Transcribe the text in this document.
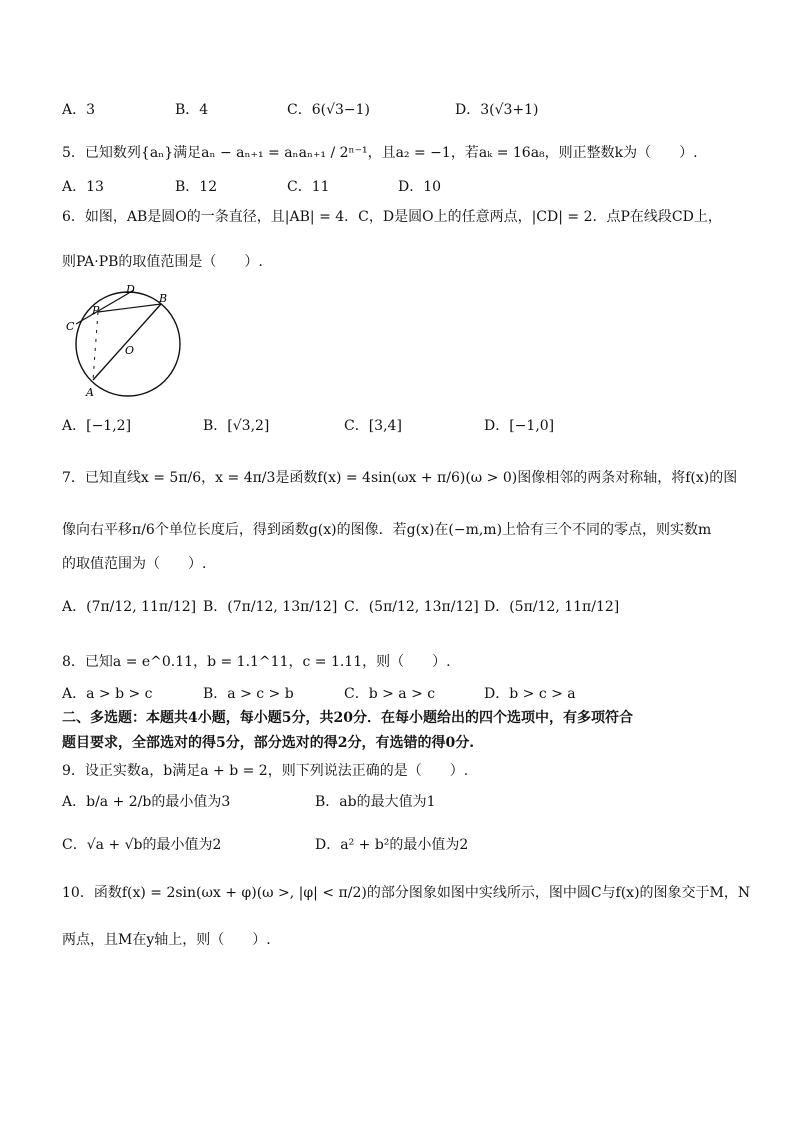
A．3	B．4	C．6(√3−1)	D．3(√3+1)
5．已知数列{aₙ}满足aₙ − aₙ₊₁ = aₙaₙ₊₁ / 2ⁿ⁻¹，且a₂ = −1，若aₖ = 16a₈，则正整数k为（　　）.
A．13	B．12	C．11	D．10
6．如图，AB是圆O的一条直径，且|AB| = 4．C，D是圆O上的任意两点，|CD| = 2．点P在线段CD上，
则PA·PB的取值范围是（　　）.
D
B
C
P
O
A
A．[−1,2]	B．[√3,2]	C．[3,4]	D．[−1,0]
7．已知直线x = 5π/6，x = 4π/3是函数f(x) = 4sin(ωx + π/6)(ω > 0)图像相邻的两条对称轴，将f(x)的图
像向右平移π/6个单位长度后，得到函数g(x)的图像．若g(x)在(−m,m)上恰有三个不同的零点，则实数m
的取值范围为（　　）.
A．(7π/12, 11π/12] B．(7π/12, 13π/12] C．(5π/12, 13π/12] D．(5π/12, 11π/12]
8．已知a = e^0.11，b = 1.1^11，c = 1.11，则（　　）.
A．a > b > c	B．a > c > b	C．b > a > c	D．b > c > a
二、多选题：本题共4小题，每小题5分，共20分．在每小题给出的四个选项中，有多项符合
题目要求，全部选对的得5分，部分选对的得2分，有选错的得0分.
9．设正实数a，b满足a + b = 2，则下列说法正确的是（　　）.
A．b/a + 2/b的最小值为3	B．ab的最大值为1
C．√a + √b的最小值为2	D．a² + b²的最小值为2
10．函数f(x) = 2sin(ωx + φ)(ω >, |φ| < π/2)的部分图象如图中实线所示，图中圆C与f(x)的图象交于M，N
两点，且M在y轴上，则（　　）.
